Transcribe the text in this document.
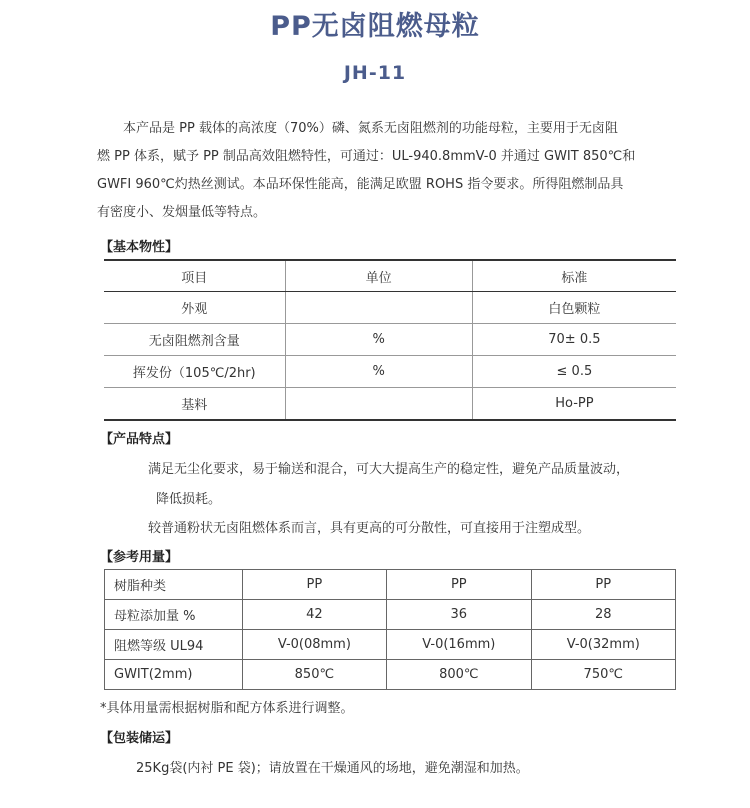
PP无卤阻燃母粒
JH-11
本产品是 PP 载体的高浓度（70%）磷、氮系无卤阻燃剂的功能母粒，主要用于无卤阻
燃 PP 体系，赋予 PP 制品高效阻燃特性，可通过：UL-940.8mmV-0 并通过 GWIT 850℃和
GWFI 960℃灼热丝测试。本品环保性能高，能满足欧盟 ROHS 指令要求。所得阻燃制品具
有密度小、发烟量低等特点。
【基本物性】
项目	单位	标准
外观		白色颗粒
无卤阻燃剂含量	%	70± 0.5
挥发份（105℃/2hr)	%	≤ 0.5
基料		Ho-PP
【产品特点】
满足无尘化要求，易于输送和混合，可大大提高生产的稳定性，避免产品质量波动，
降低损耗。
较普通粉状无卤阻燃体系而言，具有更高的可分散性，可直接用于注塑成型。
【参考用量】
树脂种类	PP	PP	PP
母粒添加量 %	42	36	28
阻燃等级 UL94	V-0(08mm)	V-0(16mm)	V-0(32mm)
GWIT(2mm)	850℃	800℃	750℃
*具体用量需根据树脂和配方体系进行调整。
【包装储运】
25Kg袋(内衬 PE 袋)；请放置在干燥通风的场地，避免潮湿和加热。
